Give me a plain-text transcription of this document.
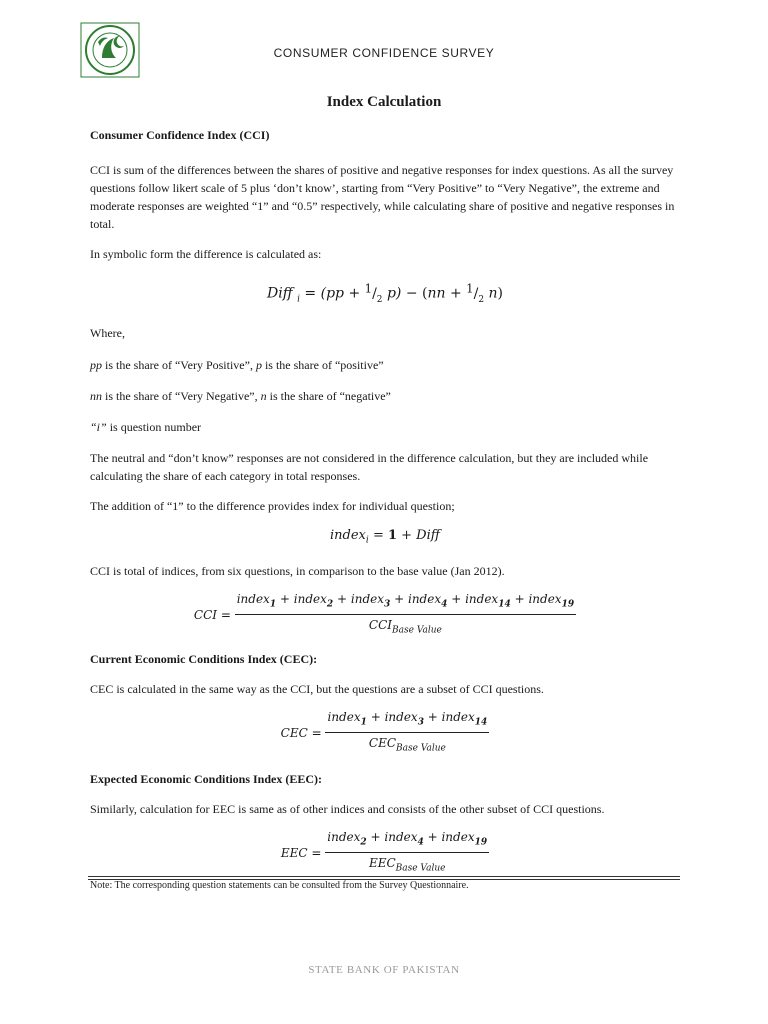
CONSUMER CONFIDENCE SURVEY
Index Calculation

Consumer Confidence Index (CCI)

CCI is sum of the differences between the shares of positive and negative responses for index questions. As all the survey questions follow likert scale of 5 plus ‘don’t know’, starting from “Very Positive” to “Very Negative”, the extreme and moderate responses are weighted “1” and “0.5” respectively, while calculating share of positive and negative responses in total.

In symbolic form the difference is calculated as:

Diff $_i = (pp + ^1/_2$ $p) - (nn + ^1/_2$ n)

Where,

pp is the share of “Very Positive”, p is the share of “positive”

nn is the share of “Very Negative”, n is the share of “negative”

“i” is question number

The neutral and “don’t know” responses are not considered in the difference calculation, but they are included while calculating the share of each category in total responses.

The addition of “1” to the difference provides index for individual question;

index$_i$ = 1 + Diff

CCI is total of indices, from six questions, in comparison to the base value (Jan 2012).

CCI = $\frac{index_1 + index_2 + index_3 + index_4 + index_{14} + index_{19}}{CCI_{Base Value}}$

Current Economic Conditions Index (CEC):

CEC is calculated in the same way as the CCI, but the questions are a subset of CCI questions.

CEC = $\frac{index_1 + index_3 + index_{14}}{CEC_{Base Value}}$

Expected Economic Conditions Index (EEC):

Similarly, calculation for EEC is same as of other indices and consists of the other subset of CCI questions.

EEC = $\frac{index_2 + index_4 + index_{19}}{EEC_{Base Value}}$
Note: The corresponding question statements can be consulted from the Survey Questionnaire.
STATE BANK OF PAKISTAN
